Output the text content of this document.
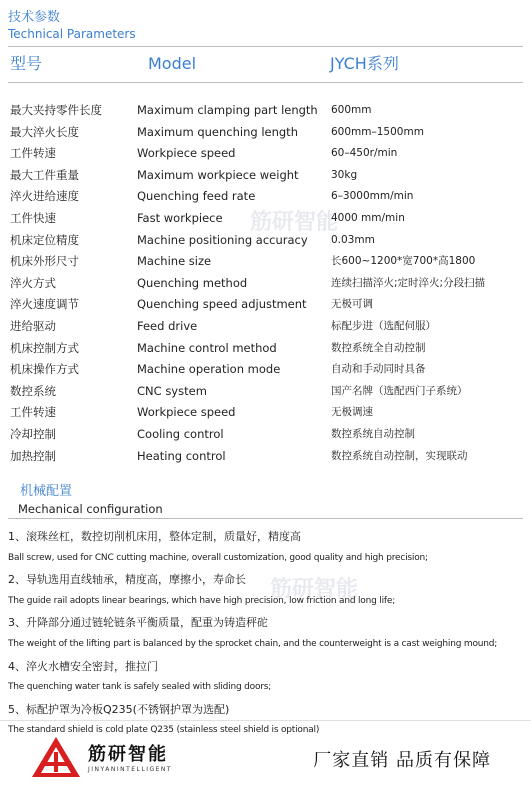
技术参数
Technical Parameters
型号	Model	JYCH系列
筋研智能
最大夹持零件长度	Maximum clamping part length 600mm
最大淬火长度	Maximum quenching length	600mm–1500mm
工件转速	Workpiece speed	60–450r/min
最大工件重量	Maximum workpiece weight	30kg
淬火进给速度	Quenching feed rate	6–3000mm/min
工件快速	Fast workpiece	4000 mm/min
机床定位精度	Machine positioning accuracy 0.03mm
机床外形尺寸	Machine size	长600~1200*宽700*高1800
淬火方式	Quenching method	连续扫描淬火;定时淬火;分段扫描
淬火速度调节	Quenching speed adjustment 无极可调
进给驱动	Feed drive	标配步进（选配伺服）
机床控制方式	Machine control method	数控系统全自动控制
机床操作方式	Machine operation mode	自动和手动同时具备
数控系统	CNC system	国产名牌（选配西门子系统）
工件转速	Workpiece speed	无极调速
冷却控制	Cooling control	数控系统自动控制
加热控制	Heating control	数控系统自动控制，实现联动
机械配置
Mechanical configuration
筋研智能
1、滚珠丝杠，数控切削机床用，整体定制，质量好，精度高
Ball screw, used for CNC cutting machine, overall customization, good quality and high precision;
2、导轨选用直线轴承，精度高，摩擦小，寿命长
The guide rail adopts linear bearings, which have high precision, low friction and long life;
3、升降部分通过链轮链条平衡质量，配重为铸造秤砣
The weight of the lifting part is balanced by the sprocket chain, and the counterweight is a cast weighing mound;
4、淬火水槽安全密封，推拉门
The quenching water tank is safely sealed with sliding doors;
5、标配护罩为冷板Q235(不锈钢护罩为选配)
The standard shield is cold plate Q235 (stainless steel shield is optional)
筋研智能
JINYANINTELLIGENT	厂家直销 品质有保障
